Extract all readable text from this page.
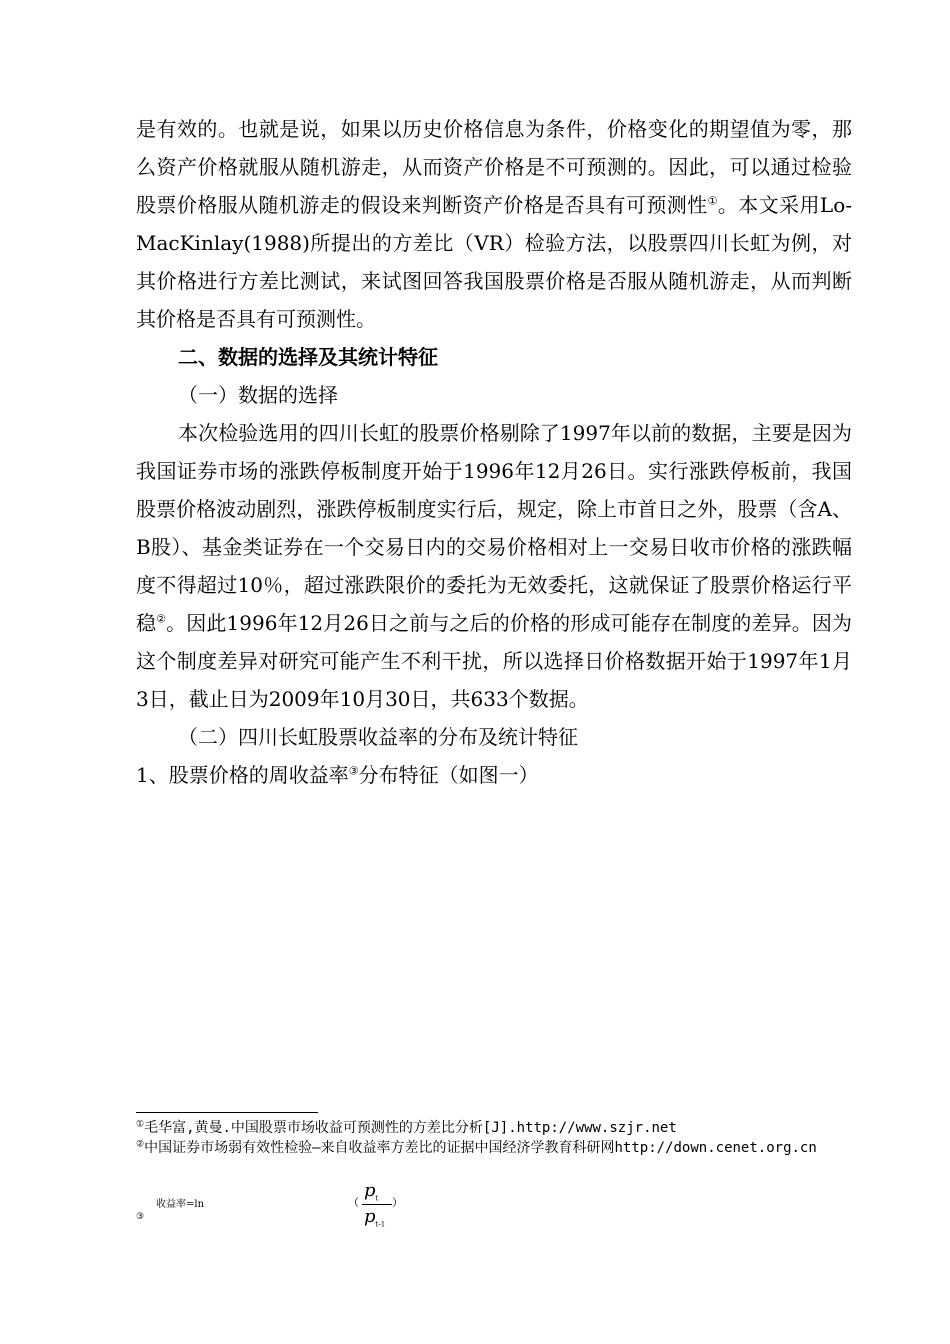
是有效的。也就是说，如果以历史价格信息为条件，价格变化的期望值为零，那么资产价格就服从随机游走，从而资产价格是不可预测的。因此，可以通过检验股票价格服从随机游走的假设来判断资产价格是否具有可预测性①。本文采用Lo-MacKinlay(1988)所提出的方差比（VR）检验方法，以股票四川长虹为例，对其价格进行方差比测试，来试图回答我国股票价格是否服从随机游走，从而判断其价格是否具有可预测性。

二、数据的选择及其统计特征

（一）数据的选择

本次检验选用的四川长虹的股票价格剔除了1997年以前的数据，主要是因为我国证券市场的涨跌停板制度开始于1996年12月26日。实行涨跌停板前，我国股票价格波动剧烈，涨跌停板制度实行后，规定，除上市首日之外，股票（含A、B股）、基金类证券在一个交易日内的交易价格相对上一交易日收市价格的涨跌幅度不得超过10％，超过涨跌限价的委托为无效委托，这就保证了股票价格运行平稳②。因此1996年12月26日之前与之后的价格的形成可能存在制度的差异。因为这个制度差异对研究可能产生不利干扰，所以选择日价格数据开始于1997年1月3日，截止日为2009年10月30日，共633个数据。

（二）四川长虹股票收益率的分布及统计特征

1、股票价格的周收益率③分布特征（如图一）

①毛华富,黄曼.中国股票市场收益可预测性的方差比分析[J].http://www.szjr.net

②中国证券市场弱有效性检验—来自收益率方差比的证据中国经济学教育科研网http://down.cenet.org.cn

③
收益率=ln	（
$p_t$
$p_{t-1}$
）
